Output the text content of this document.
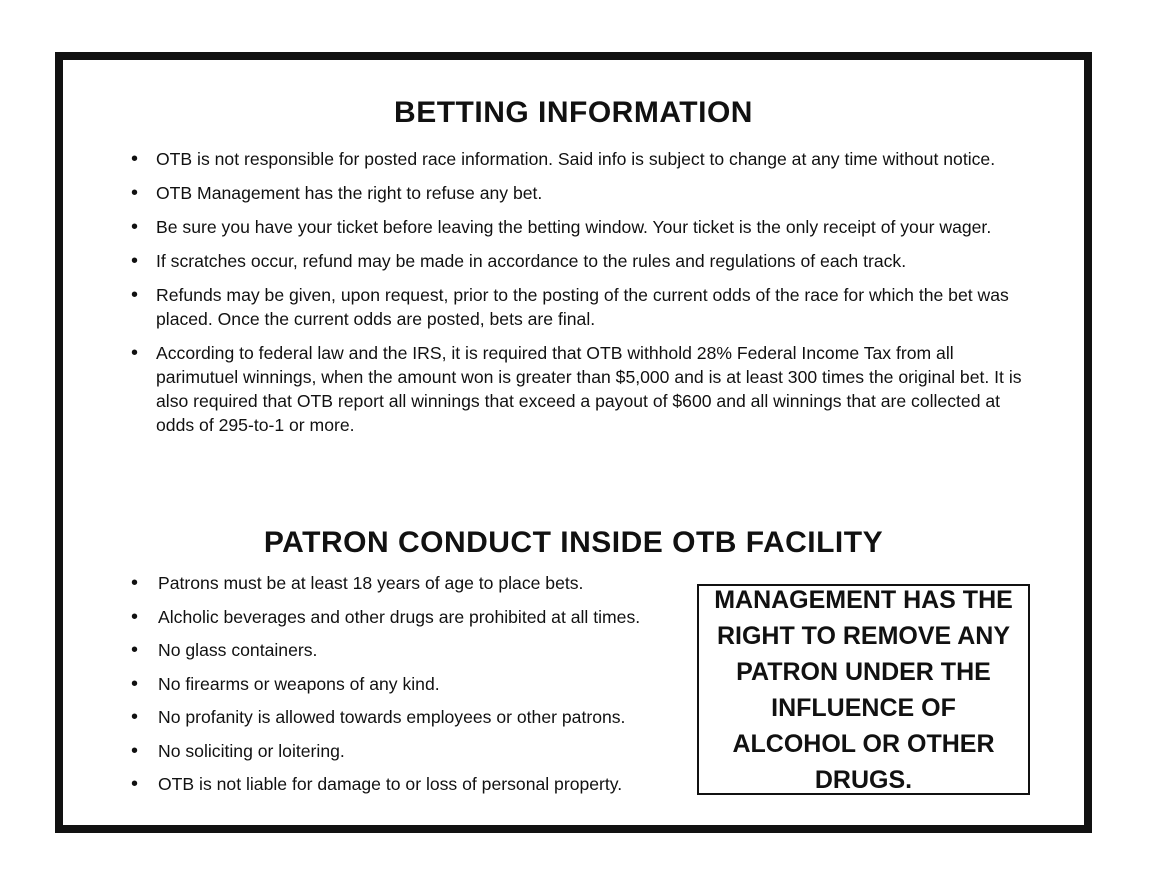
BETTING INFORMATION
• OTB is not responsible for posted race information. Said info is subject to change at any time without notice.
• OTB Management has the right to refuse any bet.
• Be sure you have your ticket before leaving the betting window. Your ticket is the only receipt of your wager.
• If scratches occur, refund may be made in accordance to the rules and regulations of each track.
• Refunds may be given, upon request, prior to the posting of the current odds of the race for which the bet was placed. Once the current odds are posted, bets are final.
• According to federal law and the IRS, it is required that OTB withhold 28% Federal Income Tax from all parimutuel winnings, when the amount won is greater than $5,000 and is at least 300 times the original bet. It is also required that OTB report all winnings that exceed a payout of $600 and all winnings that are collected at odds of 295-to-1 or more.
PATRON CONDUCT INSIDE OTB FACILITY
• Patrons must be at least 18 years of age to place bets.
• Alcholic beverages and other drugs are prohibited at all times.
• No glass containers.
• No firearms or weapons of any kind.
• No profanity is allowed towards employees or other patrons.
• No soliciting or loitering.
• OTB is not liable for damage to or loss of personal property.
MANAGEMENT HAS THE RIGHT TO REMOVE ANY PATRON UNDER THE INFLUENCE OF ALCOHOL OR OTHER DRUGS.
